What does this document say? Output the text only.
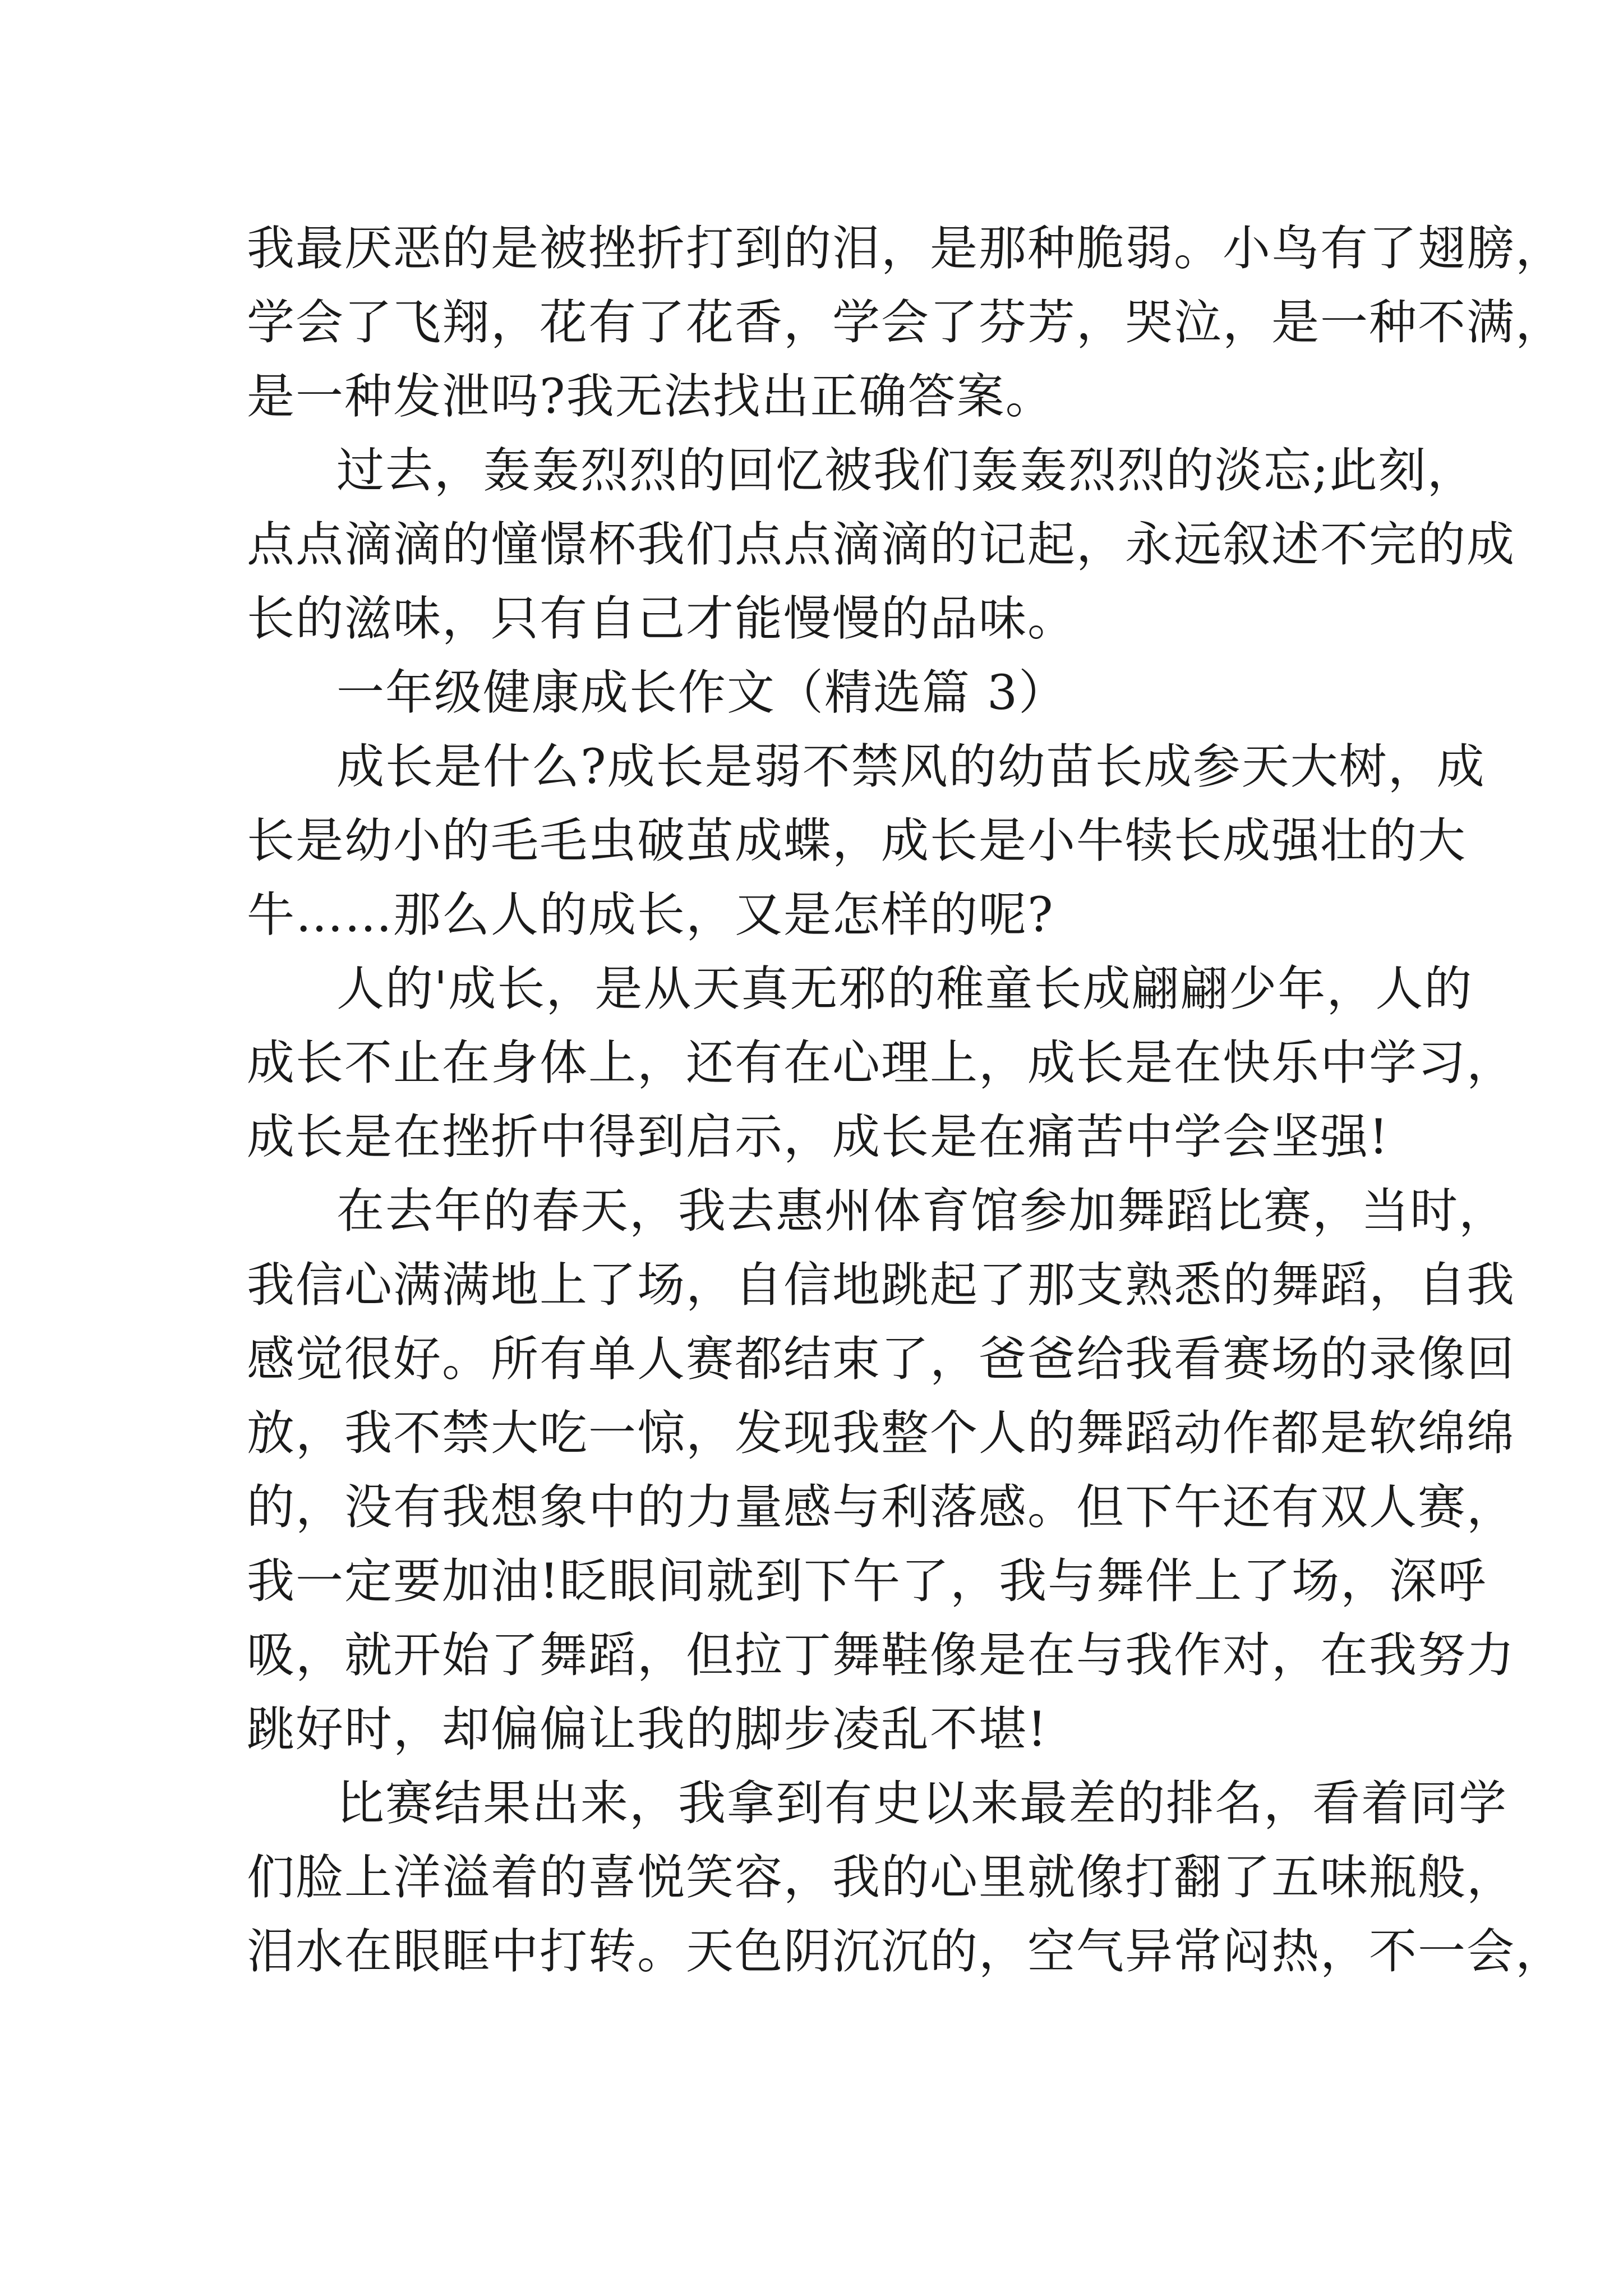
我最厌恶的是被挫折打到的泪，是那种脆弱。小鸟有了翅膀，
学会了飞翔，花有了花香，学会了芬芳，哭泣，是一种不满，
是一种发泄吗?我无法找出正确答案。
过去，轰轰烈烈的回忆被我们轰轰烈烈的淡忘;此刻，
点点滴滴的憧憬杯我们点点滴滴的记起，永远叙述不完的成
长的滋味，只有自己才能慢慢的品味。
一年级健康成长作文（精选篇 3）
成长是什么?成长是弱不禁风的幼苗长成参天大树，成
长是幼小的毛毛虫破茧成蝶，成长是小牛犊长成强壮的大
牛……那么人的成长，又是怎样的呢?
人的'成长，是从天真无邪的稚童长成翩翩少年，人的
成长不止在身体上，还有在心理上，成长是在快乐中学习，
成长是在挫折中得到启示，成长是在痛苦中学会坚强!
在去年的春天，我去惠州体育馆参加舞蹈比赛，当时，
我信心满满地上了场，自信地跳起了那支熟悉的舞蹈，自我
感觉很好。所有单人赛都结束了，爸爸给我看赛场的录像回
放，我不禁大吃一惊，发现我整个人的舞蹈动作都是软绵绵
的，没有我想象中的力量感与利落感。但下午还有双人赛，
我一定要加油!眨眼间就到下午了，我与舞伴上了场，深呼
吸，就开始了舞蹈，但拉丁舞鞋像是在与我作对，在我努力
跳好时，却偏偏让我的脚步凌乱不堪!
比赛结果出来，我拿到有史以来最差的排名，看着同学
们脸上洋溢着的喜悦笑容，我的心里就像打翻了五味瓶般，
泪水在眼眶中打转。天色阴沉沉的，空气异常闷热，不一会，
